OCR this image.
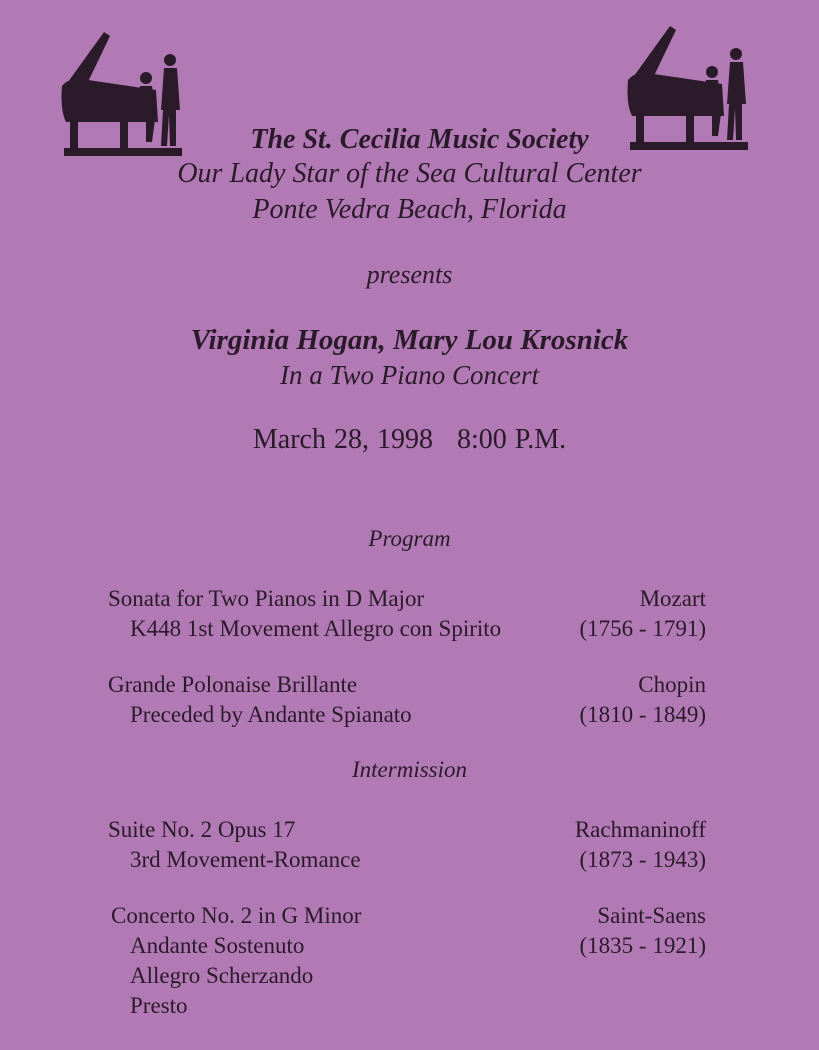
The St. Cecilia Music Society
Our Lady Star of the Sea Cultural Center
Ponte Vedra Beach, Florida
presents
Virginia Hogan, Mary Lou Krosnick
In a Two Piano Concert
March 28, 1998   8:00 P.M.
Program
Sonata for Two Pianos in D Major
K448 1st Movement Allegro con Spirito
Mozart
(1756 - 1791)
Grande Polonaise Brillante
Preceded by Andante Spianato
Chopin
(1810 - 1849)
Intermission
Suite No. 2 Opus 17
3rd Movement-Romance
Rachmaninoff
(1873 - 1943)
Concerto No. 2 in G Minor
Andante Sostenuto
Allegro Scherzando
Presto
Saint-Saens
(1835 - 1921)
